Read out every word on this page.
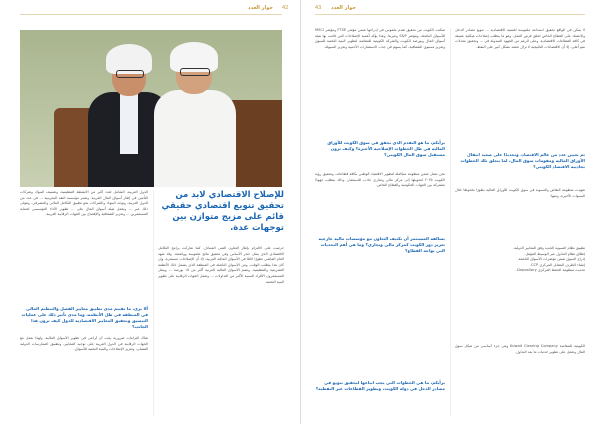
حوار العدد 42
للإصلاح الاقتصادي لابد من تحقيق تنويع اقتصادي حقيقي قائم على مزيج متوازن بين توجهات عدة.
الدول العربية، الشامل لعدد أكبر من الأنشطة التنظيمية، وتصنيف البنوك وشركات التأمين في إطار أسواق المال العربية. وتعتبر مؤسسة النقد البحرينية ... في عدد من الدول العربية، وتوجه البنوك والشركات نحو تطبيق التكامل المالي والمصرفي، وتتولى ذلك عبر ... وتعمل هيئة أسواق المال على ... تطوير الأداء المؤسسي لحماية المستثمرين ... وتعزيز الشفافية والإفصاح بين الجهات الرقابية العربية.
ألا يرى، ما تقييم مدى تطبيق معايير الفصل والتنظيم المالي في المنطقة في ظل الأنظمة، وما مدى تأثير ذلك على عمليات التنسيق وتحقيق المعايير الاقتصادية للدول كيف ترون هذا الجانب؟
هناك التزامات ضرورية يجب أن تُراعى في تطوير الأسواق المالية، ولهذا نعمل مع الجهات الرقابية في الدول العربية على توحيد المعايير، وتطبيق الممارسات الدولية الفضلى، وتعزيز الإصلاحات والبنية التحتية للأسواق.
حرصت على الالتزام بإطار التعاون الفني المتبادل. كما شاركت برامج التكامل الاقتصادي الذي يمثل حجر الأساس وفي تحقيق نتائج ملموسة وواضحة. وقد شهد العام الماضي تطورًا لافتًا في الأسواق المالية العربية، إلا أن الإصلاحات مستمرة، وإن كان هذا يتطلب الوقت. ومن الأسواق الناشئة في المنطقة الذي يشمل ذلك الأنظمة التشريعية والتنظيمية. وتضم الأسواق المالية العربية أكثر من ١٥ بورصة ... ويمثل المستثمرون الأفراد النسبة الأكبر من التداولات ... وتعمل الجهات الرقابية على تطوير البنية التحتية.
43 حوار العدد
لا يمكن في الواقع تحقيق استدامة ملموسة للتنمية الاقتصادية ... تنويع مصادر الدخل والاعتماد على القطاع الخاص لخلق فرص العمل، وهو ما يتطلب إصلاحات هيكلية عميقة في كافة القطاعات الاقتصادية. وعلى الرغم من الجهود المبذولة في ... وتحقيق معدلات نمو أعلى، إلا أن الاقتصادات الخليجية لا تزال تعتمد بشكل كبير على النفط.
تم تعيين عدد من عالم الاقتصاد، وتحديدًا على صعيد انتقال الأوراق المالية ومقومات سوق المال، لما تتعلق تلك الخطوات بجاذبية الاقتصاد الكويتي؟
شهدت منظومة التقاص والتسوية في سوق الكويت للأوراق المالية تطورًا ملحوظًا خلال السنوات الأخيرة، ومنها:
تطبيق نظام التسوية الجديد وفق المعايير الدولية.
إطلاق نظام التداول عبر الوسيط المؤهل.
إدراج السوق ضمن مؤشرات الأسواق الناشئة.
إنشاء الطرف المقابل المركزي CCP.
تحديث منظومة الحفظ المركزي Depository.
الكويتية للمقاصة Kuwait Clearing Company وهي جزء أساسي من هيكل سوق المال وتعمل على تطوير خدمات ما بعد التداول.
برأيكم، ما هو التقدم الذي تحقق في سوق الكويت للأوراق المالية في ظل الخطوات الإصلاحية الأخيرة؟ وكيف ترون مستقبل سوق المال الكويتي؟
تمكنت الكويت من تحقيق تقدم ملموس في إدراجها ضمن مؤشر FTSE ومؤشر MSCI للأسواق الناشئة، ومؤشر S&P وغيرها. وهذا يؤكد أهمية الإصلاحات التي قامت بها هيئة أسواق المال وبورصة الكويت والشركة الكويتية للمقاصة لتطوير البنية التحتية للسوق وتعزيز مستوى الشفافية، كما يسهم في جذب الاستثمارات الأجنبية وتعزيز السيولة.
نحن نعمل ضمن منظومة متكاملة لتطوير الاقتصاد الوطني بكافة قطاعاته، وتحقيق رؤية الكويت ٢٠٣٥ لتحويلها إلى مركز مالي وتجاري جاذب للاستثمار، وذلك يتطلب جهودًا مشتركة بين الجهات الحكومية والقطاع الخاص.
بسالفة المستثمر أن تكثيف التعاون مع مؤسسات مالية خارجية تعزيز دور الكويت كمركز مالي وتجاري؟ وما هي أهم التحديات التي تواجه القطاع؟
برأيكم، ما هي الخطوات التي يجب اتباعها لتحقيق تنويع في مصادر الدخل في دولة الكويت، وتطوير القطاعات غير النفطية؟
